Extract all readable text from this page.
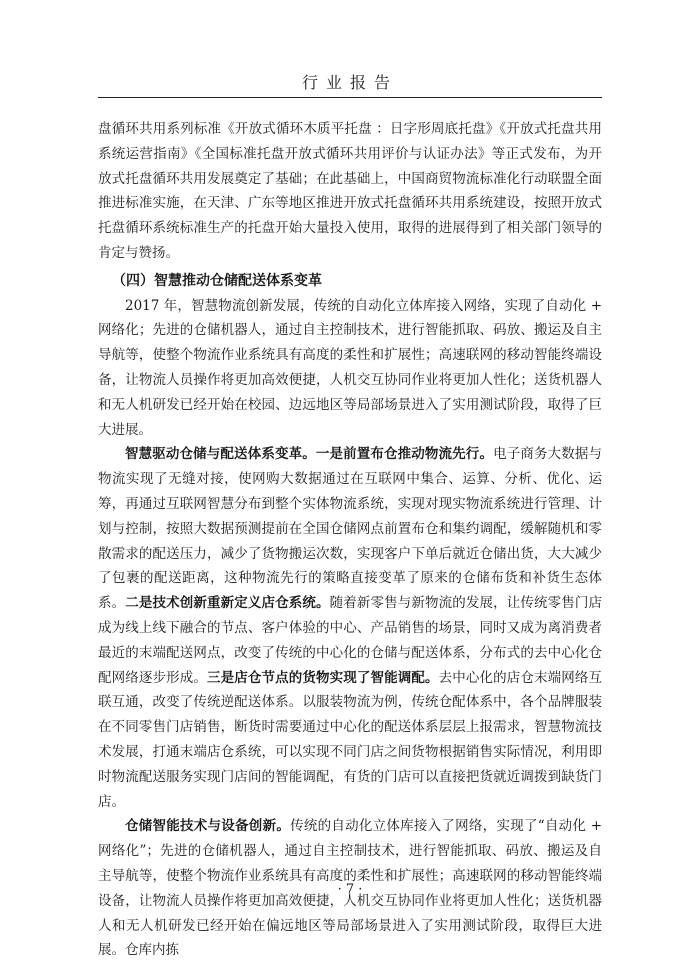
行业报告

盘循环共用系列标准《开放式循环木质平托盘 ：日字形周底托盘》《开放式托盘共用系统运营指南》《全国标准托盘开放式循环共用评价与认证办法》等正式发布，为开放式托盘循环共用发展奠定了基础；在此基础上，中国商贸物流标准化行动联盟全面推进标准实施，在天津、广东等地区推进开放式托盘循环共用系统建设，按照开放式托盘循环系统标准生产的托盘开始大量投入使用，取得的进展得到了相关部门领导的肯定与赞扬。

（四）智慧推动仓储配送体系变革

2017 年，智慧物流创新发展，传统的自动化立体库接入网络，实现了自动化 + 网络化；先进的仓储机器人，通过自主控制技术，进行智能抓取、码放、搬运及自主导航等，使整个物流作业系统具有高度的柔性和扩展性；高速联网的移动智能终端设备，让物流人员操作将更加高效便捷，人机交互协同作业将更加人性化；送货机器人和无人机研发已经开始在校园、边远地区等局部场景进入了实用测试阶段，取得了巨大进展。

智慧驱动仓储与配送体系变革。一是前置布仓推动物流先行。电子商务大数据与物流实现了无缝对接，使网购大数据通过在互联网中集合、运算、分析、优化、运筹，再通过互联网智慧分布到整个实体物流系统，实现对现实物流系统进行管理、计划与控制，按照大数据预测提前在全国仓储网点前置布仓和集约调配，缓解随机和零散需求的配送压力，减少了货物搬运次数，实现客户下单后就近仓储出货，大大减少了包裹的配送距离，这种物流先行的策略直接变革了原来的仓储布货和补货生态体系。二是技术创新重新定义店仓系统。随着新零售与新物流的发展，让传统零售门店成为线上线下融合的节点、客户体验的中心、产品销售的场景，同时又成为离消费者最近的末端配送网点，改变了传统的中心化的仓储与配送体系，分布式的去中心化仓配网络逐步形成。三是店仓节点的货物实现了智能调配。去中心化的店仓末端网络互联互通，改变了传统逆配送体系。以服装物流为例，传统仓配体系中，各个品牌服装在不同零售门店销售，断货时需要通过中心化的配送体系层层上报需求，智慧物流技术发展，打通末端店仓系统，可以实现不同门店之间货物根据销售实际情况，利用即时物流配送服务实现门店间的智能调配，有货的门店可以直接把货就近调拨到缺货门店。

仓储智能技术与设备创新。传统的自动化立体库接入了网络，实现了“自动化 + 网络化”；先进的仓储机器人，通过自主控制技术，进行智能抓取、码放、搬运及自主导航等，使整个物流作业系统具有高度的柔性和扩展性；高速联网的移动智能终端设备，让物流人员操作将更加高效便捷，人机交互协同作业将更加人性化；送货机器人和无人机研发已经开始在偏远地区等局部场景进入了实用测试阶段，取得巨大进展。仓库内拣

· 7 ·
